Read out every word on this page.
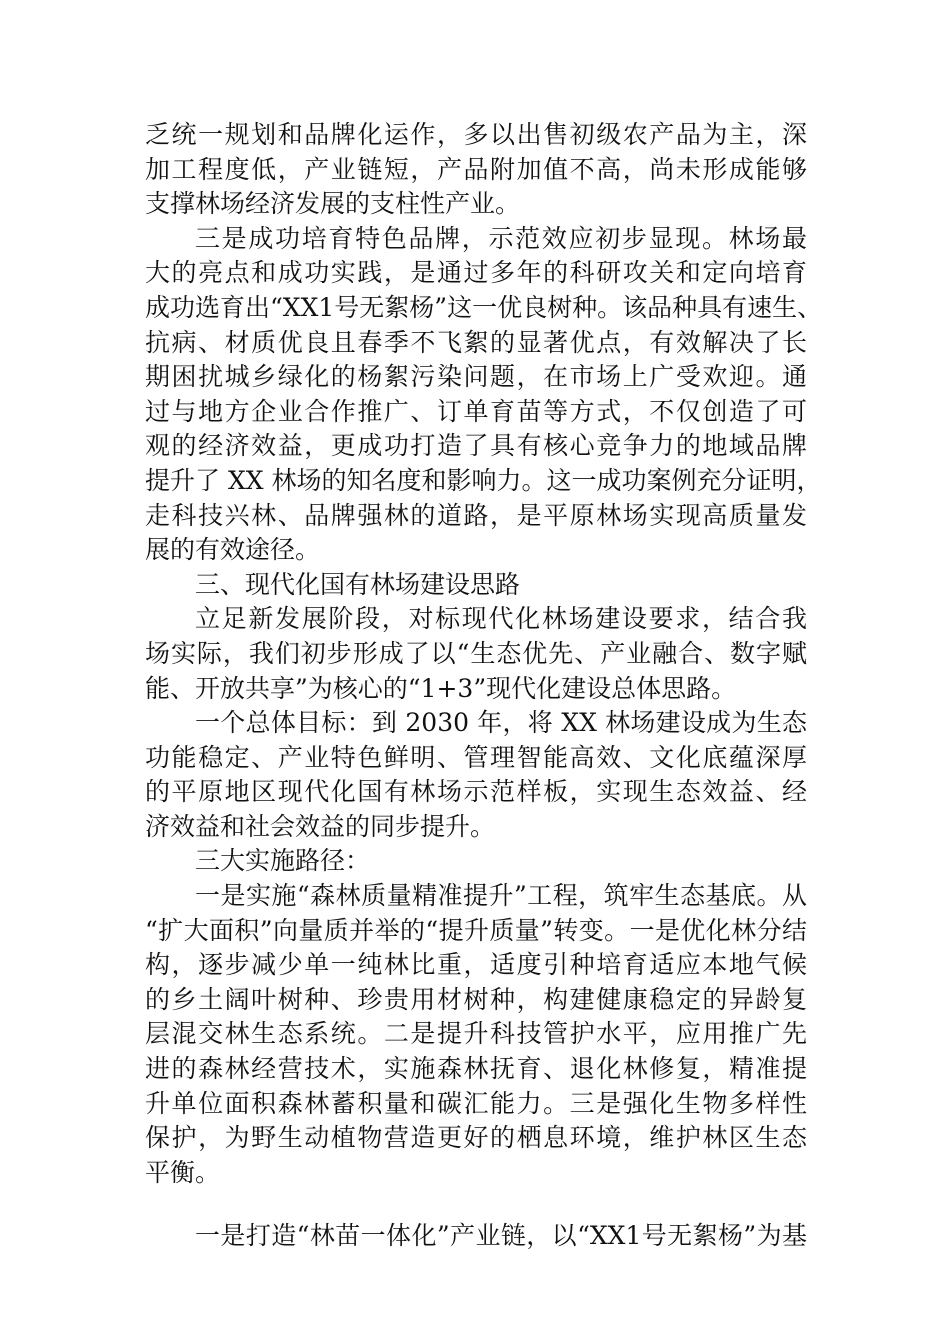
乏统一规划和品牌化运作，多以出售初级农产品为主，深
加工程度低，产业链短，产品附加值不高，尚未形成能够
支撑林场经济发展的支柱性产业。
三是成功培育特色品牌，示范效应初步显现。林场最
大的亮点和成功实践，是通过多年的科研攻关和定向培育
成功选育出“XX1号无絮杨”这一优良树种。该品种具有速生、
抗病、材质优良且春季不飞絮的显著优点，有效解决了长
期困扰城乡绿化的杨絮污染问题，在市场上广受欢迎。通
过与地方企业合作推广、订单育苗等方式，不仅创造了可
观的经济效益，更成功打造了具有核心竞争力的地域品牌
提升了 XX 林场的知名度和影响力。这一成功案例充分证明，
走科技兴林、品牌强林的道路，是平原林场实现高质量发
展的有效途径。
三、现代化国有林场建设思路
立足新发展阶段，对标现代化林场建设要求，结合我
场实际，我们初步形成了以“生态优先、产业融合、数字赋
能、开放共享”为核心的“1+3”现代化建设总体思路。
一个总体目标：到 2030 年，将 XX 林场建设成为生态
功能稳定、产业特色鲜明、管理智能高效、文化底蕴深厚
的平原地区现代化国有林场示范样板，实现生态效益、经
济效益和社会效益的同步提升。
三大实施路径：
一是实施“森林质量精准提升”工程，筑牢生态基底。从
“扩大面积”向量质并举的“提升质量”转变。一是优化林分结
构，逐步减少单一纯林比重，适度引种培育适应本地气候
的乡土阔叶树种、珍贵用材树种，构建健康稳定的异龄复
层混交林生态系统。二是提升科技管护水平，应用推广先
进的森林经营技术，实施森林抚育、退化林修复，精准提
升单位面积森林蓄积量和碳汇能力。三是强化生物多样性
保护，为野生动植物营造更好的栖息环境，维护林区生态
平衡。
一是打造“林苗一体化”产业链，以“XX1号无絮杨”为基
